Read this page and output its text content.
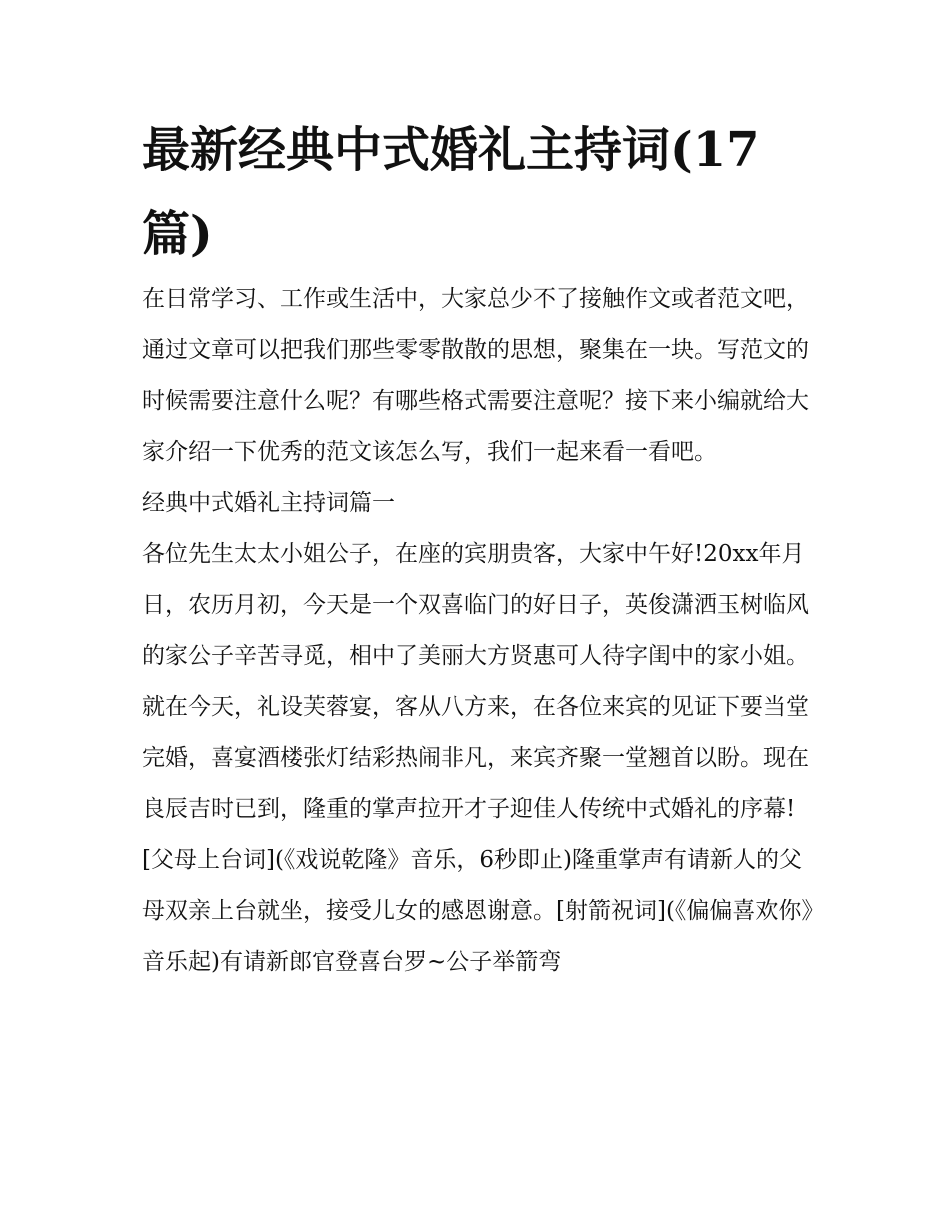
最新经典中式婚礼主持词(17篇)

在日常学习、工作或生活中，大家总少不了接触作文或者范文吧，通过文章可以把我们那些零零散散的思想，聚集在一块。写范文的时候需要注意什么呢？有哪些格式需要注意呢？接下来小编就给大家介绍一下优秀的范文该怎么写，我们一起来看一看吧。

经典中式婚礼主持词篇一

各位先生太太小姐公子，在座的宾朋贵客，大家中午好!20xx年月日，农历月初，今天是一个双喜临门的好日子，英俊潇洒玉树临风的家公子辛苦寻觅，相中了美丽大方贤惠可人待字闺中的家小姐。就在今天，礼设芙蓉宴，客从八方来，在各位来宾的见证下要当堂完婚，喜宴酒楼张灯结彩热闹非凡，来宾齐聚一堂翘首以盼。现在良辰吉时已到，隆重的掌声拉开才子迎佳人传统中式婚礼的序幕!

[父母上台词](《戏说乾隆》音乐，6秒即止)隆重掌声有请新人的父母双亲上台就坐，接受儿女的感恩谢意。[射箭祝词](《偏偏喜欢你》音乐起)有请新郎官登喜台罗~公子举箭弯
